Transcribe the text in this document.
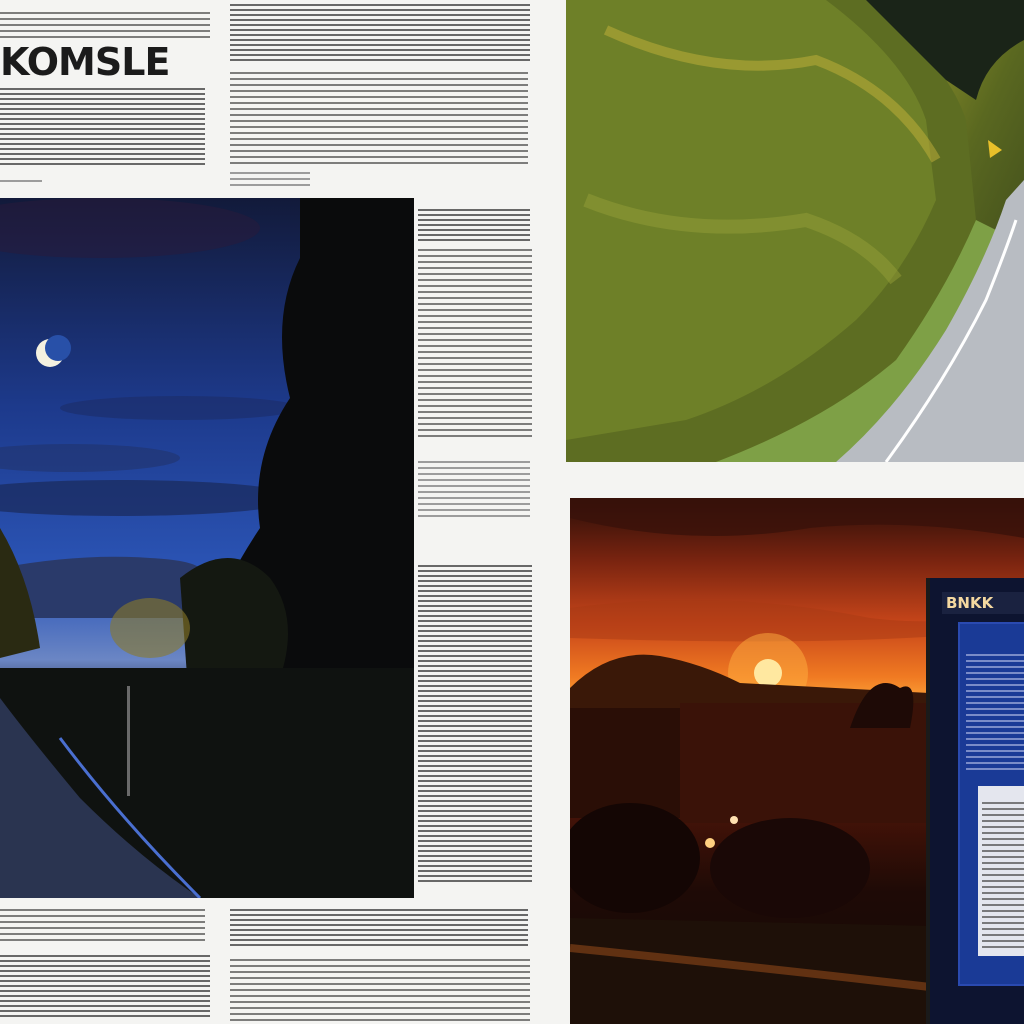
KOMSLE
BNKK
